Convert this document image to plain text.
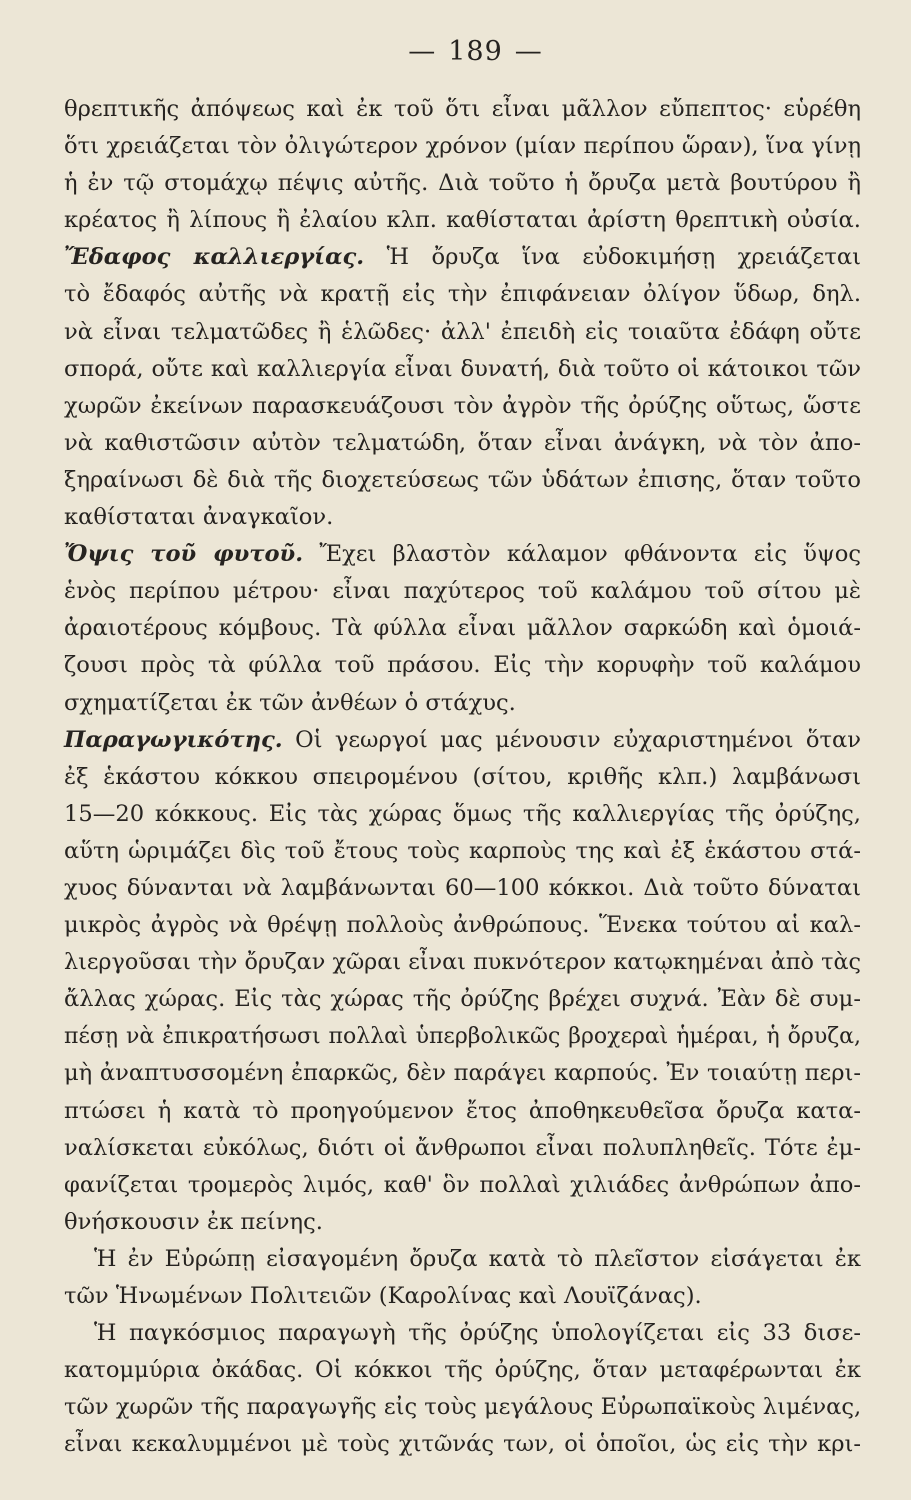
— 189 —
θρεπτικῆς ἀπόψεως καὶ ἐκ τοῦ ὅτι εἶναι μᾶλλον εὔπεπτος· εὑρέθη
ὅτι χρειάζεται τὸν ὀλιγώτερον χρόνον (μίαν περίπου ὥραν), ἵνα γίνῃ
ἡ ἐν τῷ στομάχῳ πέψις αὐτῆς. Διὰ τοῦτο ἡ ὄρυζα μετὰ βουτύρου ἢ
κρέατος ἢ λίπους ἢ ἐλαίου κλπ. καθίσταται ἀρίστη θρεπτικὴ οὐσία.
Ἔδαφος καλλιεργίας. Ἡ ὄρυζα ἵνα εὐδοκιμήσῃ χρειάζεται
τὸ ἔδαφός αὐτῆς νὰ κρατῇ εἰς τὴν ἐπιφάνειαν ὀλίγον ὕδωρ, δηλ.
νὰ εἶναι τελματῶδες ἢ ἑλῶδες· ἀλλ' ἐπειδὴ εἰς τοιαῦτα ἐδάφη οὔτε
σπορά, οὔτε καὶ καλλιεργία εἶναι δυνατή, διὰ τοῦτο οἱ κάτοικοι τῶν
χωρῶν ἐκείνων παρασκευάζουσι τὸν ἀγρὸν τῆς ὀρύζης οὕτως, ὥστε
νὰ καθιστῶσιν αὐτὸν τελματώδη, ὅταν εἶναι ἀνάγκη, νὰ τὸν ἀπο-
ξηραίνωσι δὲ διὰ τῆς διοχετεύσεως τῶν ὑδάτων ἐπισης, ὅταν τοῦτο
καθίσταται ἀναγκαῖον.
Ὄψις τοῦ φυτοῦ. Ἔχει βλαστὸν κάλαμον φθάνοντα εἰς ὕψος
ἑνὸς περίπου μέτρου· εἶναι παχύτερος τοῦ καλάμου τοῦ σίτου μὲ
ἀραιοτέρους κόμβους. Τὰ φύλλα εἶναι μᾶλλον σαρκώδη καὶ ὁμοιά-
ζουσι πρὸς τὰ φύλλα τοῦ πράσου. Εἰς τὴν κορυφὴν τοῦ καλάμου
σχηματίζεται ἐκ τῶν ἀνθέων ὁ στάχυς.
Παραγωγικότης. Οἱ γεωργοί μας μένουσιν εὐχαριστημένοι ὅταν
ἐξ ἑκάστου κόκκου σπειρομένου (σίτου, κριθῆς κλπ.) λαμβάνωσι
15—20 κόκκους. Εἰς τὰς χώρας ὅμως τῆς καλλιεργίας τῆς ὀρύζης,
αὕτη ὡριμάζει δὶς τοῦ ἔτους τοὺς καρποὺς της καὶ ἐξ ἑκάστου στά-
χυος δύνανται νὰ λαμβάνωνται 60—100 κόκκοι. Διὰ τοῦτο δύναται
μικρὸς ἀγρὸς νὰ θρέψῃ πολλοὺς ἀνθρώπους. Ἕνεκα τούτου αἱ καλ-
λιεργοῦσαι τὴν ὄρυζαν χῶραι εἶναι πυκνότερον κατῳκημέναι ἀπὸ τὰς
ἄλλας χώρας. Εἰς τὰς χώρας τῆς ὀρύζης βρέχει συχνά. Ἐὰν δὲ συμ-
πέσῃ νὰ ἐπικρατήσωσι πολλαὶ ὑπερβολικῶς βροχεραὶ ἡμέραι, ἡ ὄρυζα,
μὴ ἀναπτυσσομένη ἐπαρκῶς, δὲν παράγει καρπούς. Ἐν τοιαύτῃ περι-
πτώσει ἡ κατὰ τὸ προηγούμενον ἔτος ἀποθηκευθεῖσα ὄρυζα κατα-
ναλίσκεται εὐκόλως, διότι οἱ ἄνθρωποι εἶναι πολυπληθεῖς. Τότε ἐμ-
φανίζεται τρομερὸς λιμός, καθ' ὃν πολλαὶ χιλιάδες ἀνθρώπων ἀπο-
θνήσκουσιν ἐκ πείνης.
Ἡ ἐν Εὐρώπῃ εἰσαγομένη ὄρυζα κατὰ τὸ πλεῖστον εἰσάγεται ἐκ
τῶν Ἡνωμένων Πολιτειῶν (Καρολίνας καὶ Λουϊζάνας).
Ἡ παγκόσμιος παραγωγὴ τῆς ὀρύζης ὑπολογίζεται εἰς 33 δισε-
κατομμύρια ὀκάδας. Οἱ κόκκοι τῆς ὀρύζης, ὅταν μεταφέρωνται ἐκ
τῶν χωρῶν τῆς παραγωγῆς εἰς τοὺς μεγάλους Εὐρωπαϊκοὺς λιμένας,
εἶναι κεκαλυμμένοι μὲ τοὺς χιτῶνάς των, οἱ ὁποῖοι, ὡς εἰς τὴν κρι-
